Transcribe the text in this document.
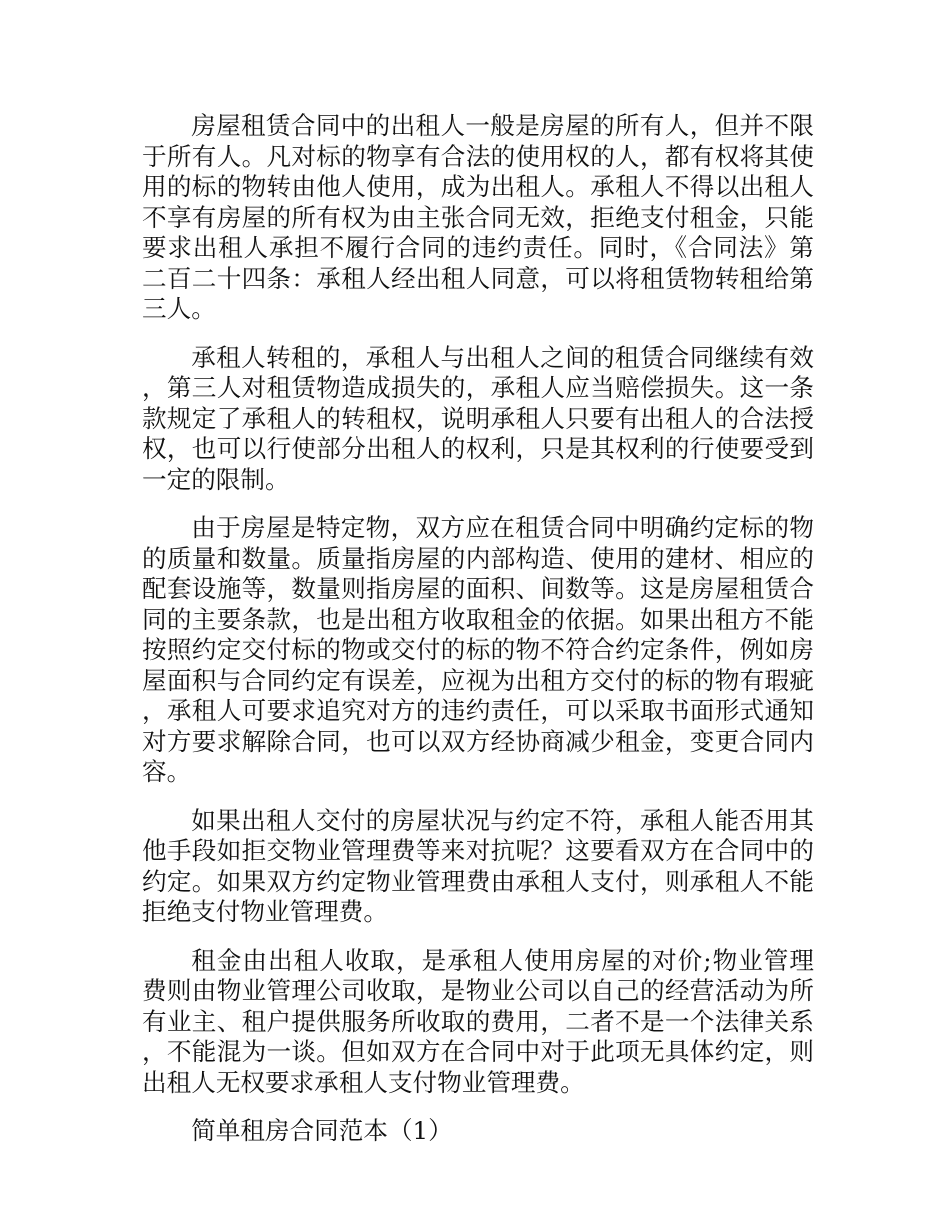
房屋租赁合同中的出租人一般是房屋的所有人，但并不限于所有人。凡对标的物享有合法的使用权的人，都有权将其使用的标的物转由他人使用，成为出租人。承租人不得以出租人不享有房屋的所有权为由主张合同无效，拒绝支付租金，只能要求出租人承担不履行合同的违约责任。同时，《合同法》第二百二十四条：承租人经出租人同意，可以将租赁物转租给第三人。

承租人转租的，承租人与出租人之间的租赁合同继续有效，第三人对租赁物造成损失的，承租人应当赔偿损失。这一条款规定了承租人的转租权，说明承租人只要有出租人的合法授权，也可以行使部分出租人的权利，只是其权利的行使要受到一定的限制。

由于房屋是特定物，双方应在租赁合同中明确约定标的物的质量和数量。质量指房屋的内部构造、使用的建材、相应的配套设施等，数量则指房屋的面积、间数等。这是房屋租赁合同的主要条款，也是出租方收取租金的依据。如果出租方不能按照约定交付标的物或交付的标的物不符合约定条件，例如房屋面积与合同约定有误差，应视为出租方交付的标的物有瑕疵，承租人可要求追究对方的违约责任，可以采取书面形式通知对方要求解除合同，也可以双方经协商减少租金，变更合同内容。

如果出租人交付的房屋状况与约定不符，承租人能否用其他手段如拒交物业管理费等来对抗呢？这要看双方在合同中的约定。如果双方约定物业管理费由承租人支付，则承租人不能拒绝支付物业管理费。

租金由出租人收取，是承租人使用房屋的对价;物业管理费则由物业管理公司收取，是物业公司以自己的经营活动为所有业主、租户提供服务所收取的费用，二者不是一个法律关系，不能混为一谈。但如双方在合同中对于此项无具体约定，则出租人无权要求承租人支付物业管理费。

简单租房合同范本（1）
